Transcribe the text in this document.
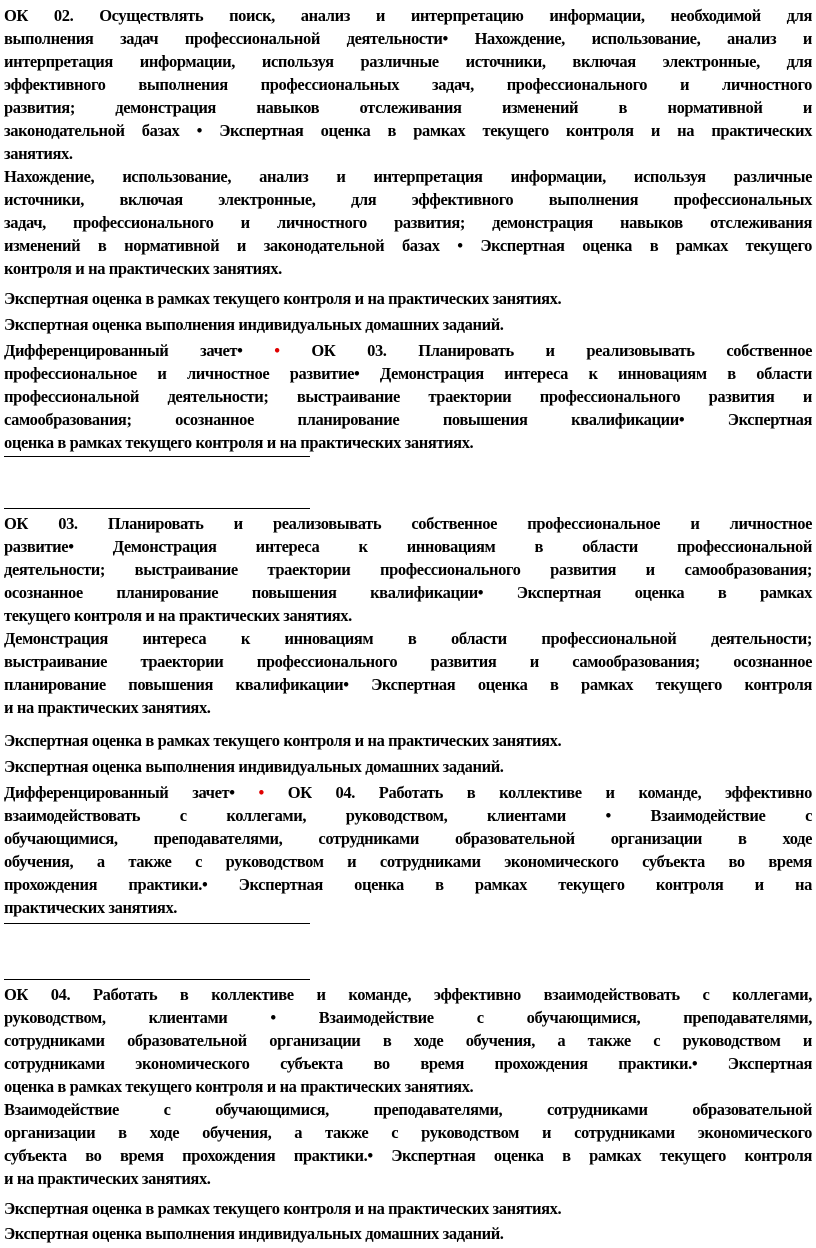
ОК 02. Осуществлять поиск, анализ и интерпретацию информации, необходимой для
выполнения задач профессиональной деятельности• Нахождение, использование, анализ и
интерпретация информации, используя различные источники, включая электронные, для
эффективного выполнения профессиональных задач, профессионального и личностного
развития; демонстрация навыков отслеживания изменений в нормативной и
законодательной базах • Экспертная оценка в рамках текущего контроля и на практических
занятиях.
Нахождение, использование, анализ и интерпретация информации, используя различные
источники, включая электронные, для эффективного выполнения профессиональных
задач, профессионального и личностного развития; демонстрация навыков отслеживания
изменений в нормативной и законодательной базах • Экспертная оценка в рамках текущего
контроля и на практических занятиях.
Экспертная оценка в рамках текущего контроля и на практических занятиях.
Экспертная оценка выполнения индивидуальных домашних заданий.
Дифференцированный зачет• • ОК 03. Планировать и реализовывать собственное
профессиональное и личностное развитие• Демонстрация интереса к инновациям в области
профессиональной деятельности; выстраивание траектории профессионального развития и
самообразования; осознанное планирование повышения квалификации• Экспертная
оценка в рамках текущего контроля и на практических занятиях.
ОК 03. Планировать и реализовывать собственное профессиональное и личностное
развитие• Демонстрация интереса к инновациям в области профессиональной
деятельности; выстраивание траектории профессионального развития и самообразования;
осознанное планирование повышения квалификации• Экспертная оценка в рамках
текущего контроля и на практических занятиях.
Демонстрация интереса к инновациям в области профессиональной деятельности;
выстраивание траектории профессионального развития и самообразования; осознанное
планирование повышения квалификации• Экспертная оценка в рамках текущего контроля
и на практических занятиях.
Экспертная оценка в рамках текущего контроля и на практических занятиях.
Экспертная оценка выполнения индивидуальных домашних заданий.
Дифференцированный зачет• • ОК 04. Работать в коллективе и команде, эффективно
взаимодействовать с коллегами, руководством, клиентами • Взаимодействие с
обучающимися, преподавателями, сотрудниками образовательной организации в ходе
обучения, а также с руководством и сотрудниками экономического субъекта во время
прохождения практики.• Экспертная оценка в рамках текущего контроля и на
практических занятиях.
ОК 04. Работать в коллективе и команде, эффективно взаимодействовать с коллегами,
руководством, клиентами • Взаимодействие с обучающимися, преподавателями,
сотрудниками образовательной организации в ходе обучения, а также с руководством и
сотрудниками экономического субъекта во время прохождения практики.• Экспертная
оценка в рамках текущего контроля и на практических занятиях.
Взаимодействие с обучающимися, преподавателями, сотрудниками образовательной
организации в ходе обучения, а также с руководством и сотрудниками экономического
субъекта во время прохождения практики.• Экспертная оценка в рамках текущего контроля
и на практических занятиях.
Экспертная оценка в рамках текущего контроля и на практических занятиях.
Экспертная оценка выполнения индивидуальных домашних заданий.
